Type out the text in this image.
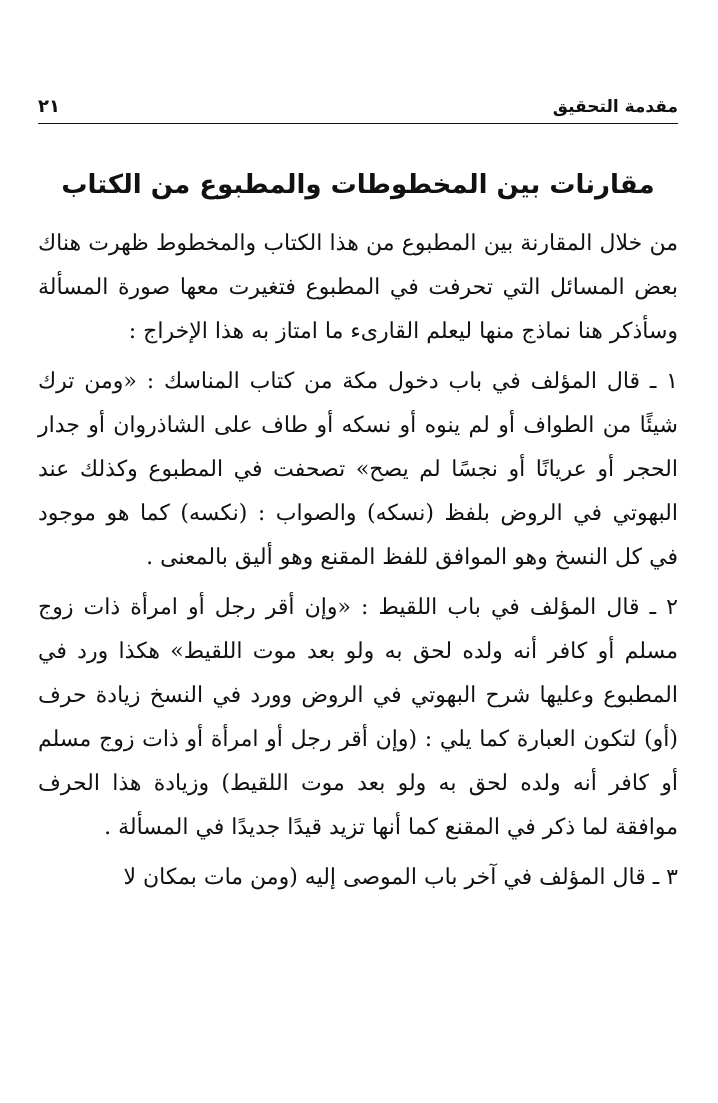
مقدمة التحقيق
٢١
مقارنات بين المخطوطات والمطبوع من الكتاب

من خلال المقارنة بين المطبوع من هذا الكتاب والمخطوط ظهرت هناك بعض المسائل التي تحرفت في المطبوع فتغيرت معها صورة المسألة وسأذكر هنا نماذج منها ليعلم القارىء ما امتاز به هذا الإخراج :

١ ـ قال المؤلف في باب دخول مكة من كتاب المناسك : «ومن ترك شيئًا من الطواف أو لم ينوه أو نسكه أو طاف على الشاذروان أو جدار الحجر أو عريانًا أو نجسًا لم يصح» تصحفت في المطبوع وكذلك عند البهوتي في الروض بلفظ (نسكه) والصواب : (نكسه) كما هو موجود في كل النسخ وهو الموافق للفظ المقنع وهو أليق بالمعنى .

٢ ـ قال المؤلف في باب اللقيط : «وإن أقر رجل أو امرأة ذات زوج مسلم أو كافر أنه ولده لحق به ولو بعد موت اللقيط» هكذا ورد في المطبوع وعليها شرح البهوتي في الروض وورد في النسخ زيادة حرف (أو) لتكون العبارة كما يلي : (وإن أقر رجل أو امرأة أو ذات زوج مسلم أو كافر أنه ولده لحق به ولو بعد موت اللقيط) وزيادة هذا الحرف موافقة لما ذكر في المقنع كما أنها تزيد قيدًا جديدًا في المسألة .

٣ ـ قال المؤلف في آخر باب الموصى إليه (ومن مات بمكان لا
